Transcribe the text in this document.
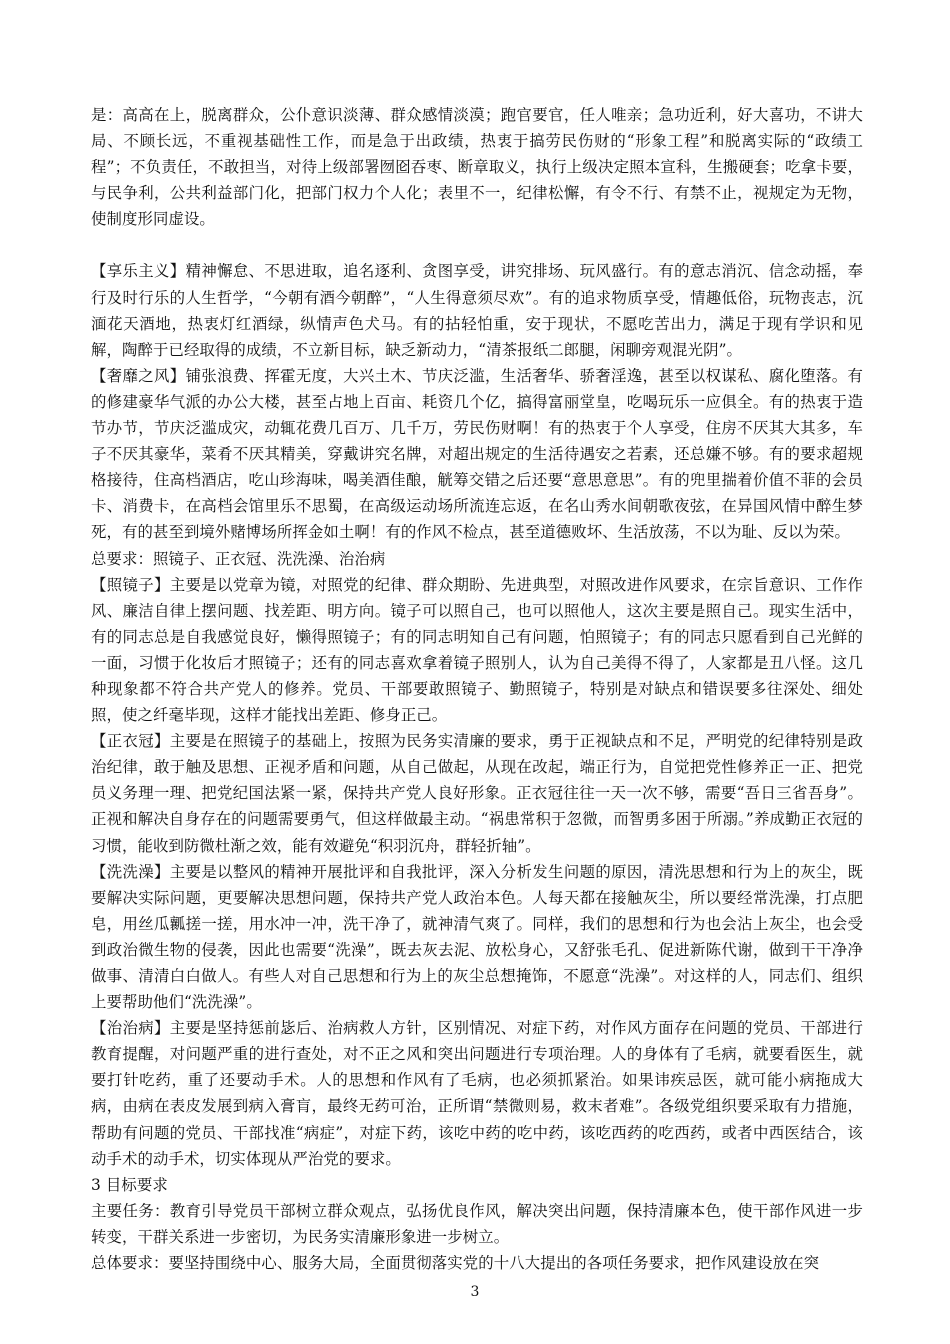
是：高高在上，脱离群众，公仆意识淡薄、群众感情淡漠；跑官要官，任人唯亲；急功近利，好大喜功，不讲大局、不顾长远，不重视基础性工作，而是急于出政绩，热衷于搞劳民伤财的“形象工程”和脱离实际的“政绩工程”；不负责任，不敢担当，对待上级部署囫囵吞枣、断章取义，执行上级决定照本宣科，生搬硬套；吃拿卡要，与民争利，公共利益部门化，把部门权力个人化；表里不一，纪律松懈，有令不行、有禁不止，视规定为无物，使制度形同虚设。

【享乐主义】精神懈怠、不思进取，追名逐利、贪图享受，讲究排场、玩风盛行。有的意志消沉、信念动摇，奉行及时行乐的人生哲学，“今朝有酒今朝醉”，“人生得意须尽欢”。有的追求物质享受，情趣低俗，玩物丧志，沉湎花天酒地，热衷灯红酒绿，纵情声色犬马。有的拈轻怕重，安于现状，不愿吃苦出力，满足于现有学识和见解，陶醉于已经取得的成绩，不立新目标，缺乏新动力，“清茶报纸二郎腿，闲聊旁观混光阴”。

【奢靡之风】铺张浪费、挥霍无度，大兴土木、节庆泛滥，生活奢华、骄奢淫逸，甚至以权谋私、腐化堕落。有的修建豪华气派的办公大楼，甚至占地上百亩、耗资几个亿，搞得富丽堂皇，吃喝玩乐一应俱全。有的热衷于造节办节，节庆泛滥成灾，动辄花费几百万、几千万，劳民伤财啊！有的热衷于个人享受，住房不厌其大其多，车子不厌其豪华，菜肴不厌其精美，穿戴讲究名牌，对超出规定的生活待遇安之若素，还总嫌不够。有的要求超规格接待，住高档酒店，吃山珍海味，喝美酒佳酿，觥筹交错之后还要“意思意思”。有的兜里揣着价值不菲的会员卡、消费卡，在高档会馆里乐不思蜀，在高级运动场所流连忘返，在名山秀水间朝歌夜弦，在异国风情中醉生梦死，有的甚至到境外赌博场所挥金如土啊！有的作风不检点，甚至道德败坏、生活放荡，不以为耻、反以为荣。

总要求：照镜子、正衣冠、洗洗澡、治治病

【照镜子】主要是以党章为镜，对照党的纪律、群众期盼、先进典型，对照改进作风要求，在宗旨意识、工作作风、廉洁自律上摆问题、找差距、明方向。镜子可以照自己，也可以照他人，这次主要是照自己。现实生活中，有的同志总是自我感觉良好，懒得照镜子；有的同志明知自己有问题，怕照镜子；有的同志只愿看到自己光鲜的一面，习惯于化妆后才照镜子；还有的同志喜欢拿着镜子照别人，认为自己美得不得了，人家都是丑八怪。这几种现象都不符合共产党人的修养。党员、干部要敢照镜子、勤照镜子，特别是对缺点和错误要多往深处、细处照，使之纤毫毕现，这样才能找出差距、修身正己。

【正衣冠】主要是在照镜子的基础上，按照为民务实清廉的要求，勇于正视缺点和不足，严明党的纪律特别是政治纪律，敢于触及思想、正视矛盾和问题，从自己做起，从现在改起，端正行为，自觉把党性修养正一正、把党员义务理一理、把党纪国法紧一紧，保持共产党人良好形象。正衣冠往往一天一次不够，需要“吾日三省吾身”。正视和解决自身存在的问题需要勇气，但这样做最主动。“祸患常积于忽微，而智勇多困于所溺。”养成勤正衣冠的习惯，能收到防微杜渐之效，能有效避免“积羽沉舟，群轻折轴”。

【洗洗澡】主要是以整风的精神开展批评和自我批评，深入分析发生问题的原因，清洗思想和行为上的灰尘，既要解决实际问题，更要解决思想问题，保持共产党人政治本色。人每天都在接触灰尘，所以要经常洗澡，打点肥皂，用丝瓜瓤搓一搓，用水冲一冲，洗干净了，就神清气爽了。同样，我们的思想和行为也会沾上灰尘，也会受到政治微生物的侵袭，因此也需要“洗澡”，既去灰去泥、放松身心，又舒张毛孔、促进新陈代谢，做到干干净净做事、清清白白做人。有些人对自己思想和行为上的灰尘总想掩饰，不愿意“洗澡”。对这样的人，同志们、组织上要帮助他们“洗洗澡”。

【治治病】主要是坚持惩前毖后、治病救人方针，区别情况、对症下药，对作风方面存在问题的党员、干部进行教育提醒，对问题严重的进行查处，对不正之风和突出问题进行专项治理。人的身体有了毛病，就要看医生，就要打针吃药，重了还要动手术。人的思想和作风有了毛病，也必须抓紧治。如果讳疾忌医，就可能小病拖成大病，由病在表皮发展到病入膏肓，最终无药可治，正所谓“禁微则易，救末者难”。各级党组织要采取有力措施，帮助有问题的党员、干部找准“病症”，对症下药，该吃中药的吃中药，该吃西药的吃西药，或者中西医结合，该动手术的动手术，切实体现从严治党的要求。

3 目标要求

主要任务：教育引导党员干部树立群众观点，弘扬优良作风，解决突出问题，保持清廉本色，使干部作风进一步转变，干群关系进一步密切，为民务实清廉形象进一步树立。

总体要求：要坚持围绕中心、服务大局，全面贯彻落实党的十八大提出的各项任务要求，把作风建设放在突

3
